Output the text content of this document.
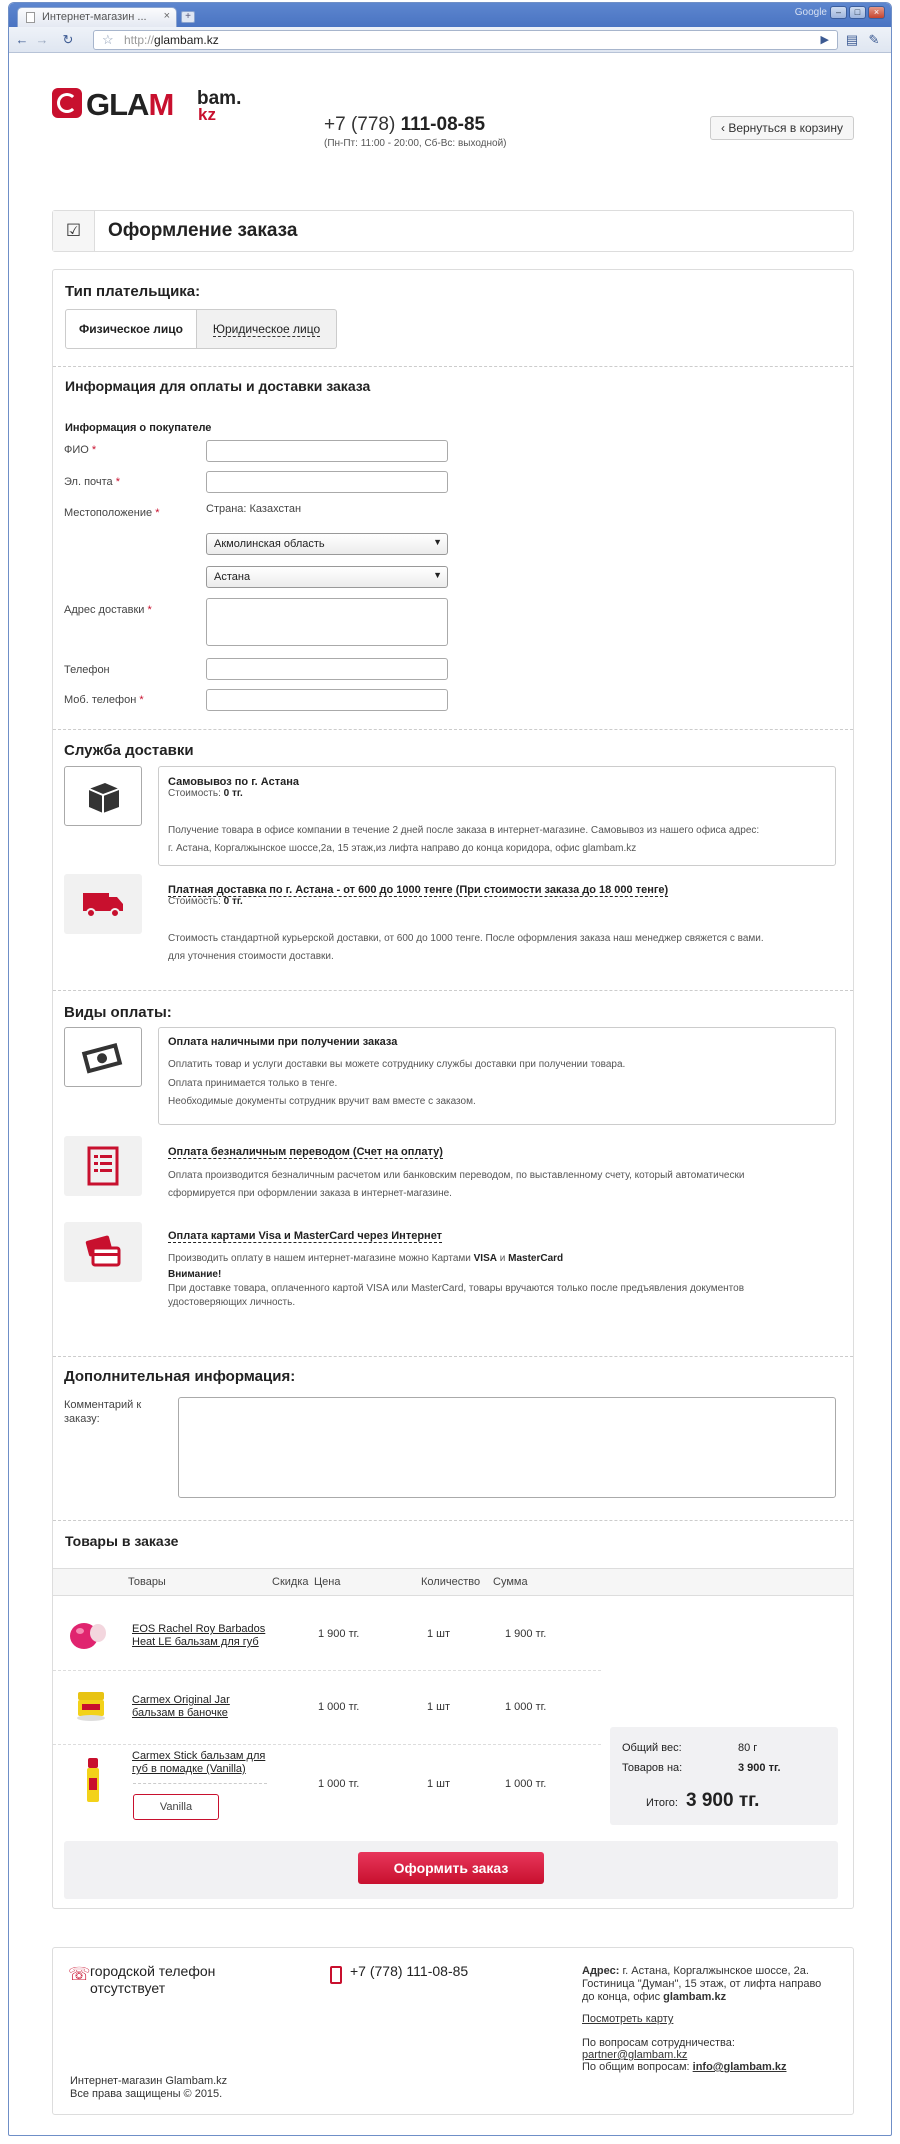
Интернет-магазин ... ×	+	Google –	□	×
← → ↻ ☆ http://glambam.kz	▶ ▤ ✎
GLAM bam.
kz	+7 (778) 111-08-85
(Пн-Пт: 11:00 - 20:00, Сб-Вс: выходной)
‹ Вернуться в корзину
☑	Оформление заказа
Тип плательщика:
Физическое лицо	Юридическое лицо
Информация для оплаты и доставки заказа
Информация о покупателе
ФИО *
Эл. почта *
Местоположение *	Страна: Казахстан
Акмолинская область	▼
Астана	▼
Адрес доставки *
Телефон
Моб. телефон *
Служба доставки
Самовывоз по г. Астана
Стоимость: 0 тг.
Получение товара в офисе компании в течение 2 дней после заказа в интернет-магазине. Самовывоз из нашего офиса адрес:
г. Астана, Коргалжынское шоссе,2а, 15 этаж,из лифта направо до конца коридора, офис glambam.kz
Платная доставка по г. Астана - от 600 до 1000 тенге (При стоимости заказа до 18 000 тенге)
Стоимость: 0 тг.
Стоимость стандартной курьерской доставки, от 600 до 1000 тенге. После оформления заказа наш менеджер свяжется с вами.
для уточнения стоимости доставки.
Виды оплаты:
Оплата наличными при получении заказа
Оплатить товар и услуги доставки вы можете сотруднику службы доставки при получении товара.
Оплата принимается только в тенге.
Необходимые документы сотрудник вручит вам вместе с заказом.
Оплата безналичным переводом (Счет на оплату)
Оплата производится безналичным расчетом или банковским переводом, по выставленному счету, который автоматически
сформируется при оформлении заказа в интернет-магазине.
Оплата картами Visa и MasterCard через Интернет
Производить оплату в нашем интернет-магазине можно Картами VISA и MasterCard
Внимание!
При доставке товара, оплаченного картой VISA или MasterCard, товары вручаются только после предъявления документов
удостоверяющих личность.
Дополнительная информация:
Комментарий к
заказу:
Товары в заказе
Товары	Скидка Цена	Количество Сумма
EOS Rachel Roy Barbados
Heat LE бальзам для губ
1 900 тг.	1 шт	1 900 тг.
Carmex Original Jar
бальзам в баночке	1 000 тг.	1 шт	1 000 тг.
Carmex Stick бальзам для
губ в помадке (Vanilla)
Vanilla
1 000 тг.	1 шт	1 000 тг.
Общий вес:	80 г
Товаров на:	3 900 тг.
Итого: 3 900 тг.
Оформить заказ
☏ городской телефон
отсутствует
+7 (778) 111-08-85	Адрес: г. Астана, Коргалжынское шоссе, 2а.
Гостиница "Думан", 15 этаж, от лифта направо
до конца, офис glambam.kz
Посмотреть карту
По вопросам сотрудничества:
partner@glambam.kz
По общим вопросам: info@glambam.kz
Интернет-магазин Glambam.kz
Все права защищены © 2015.
